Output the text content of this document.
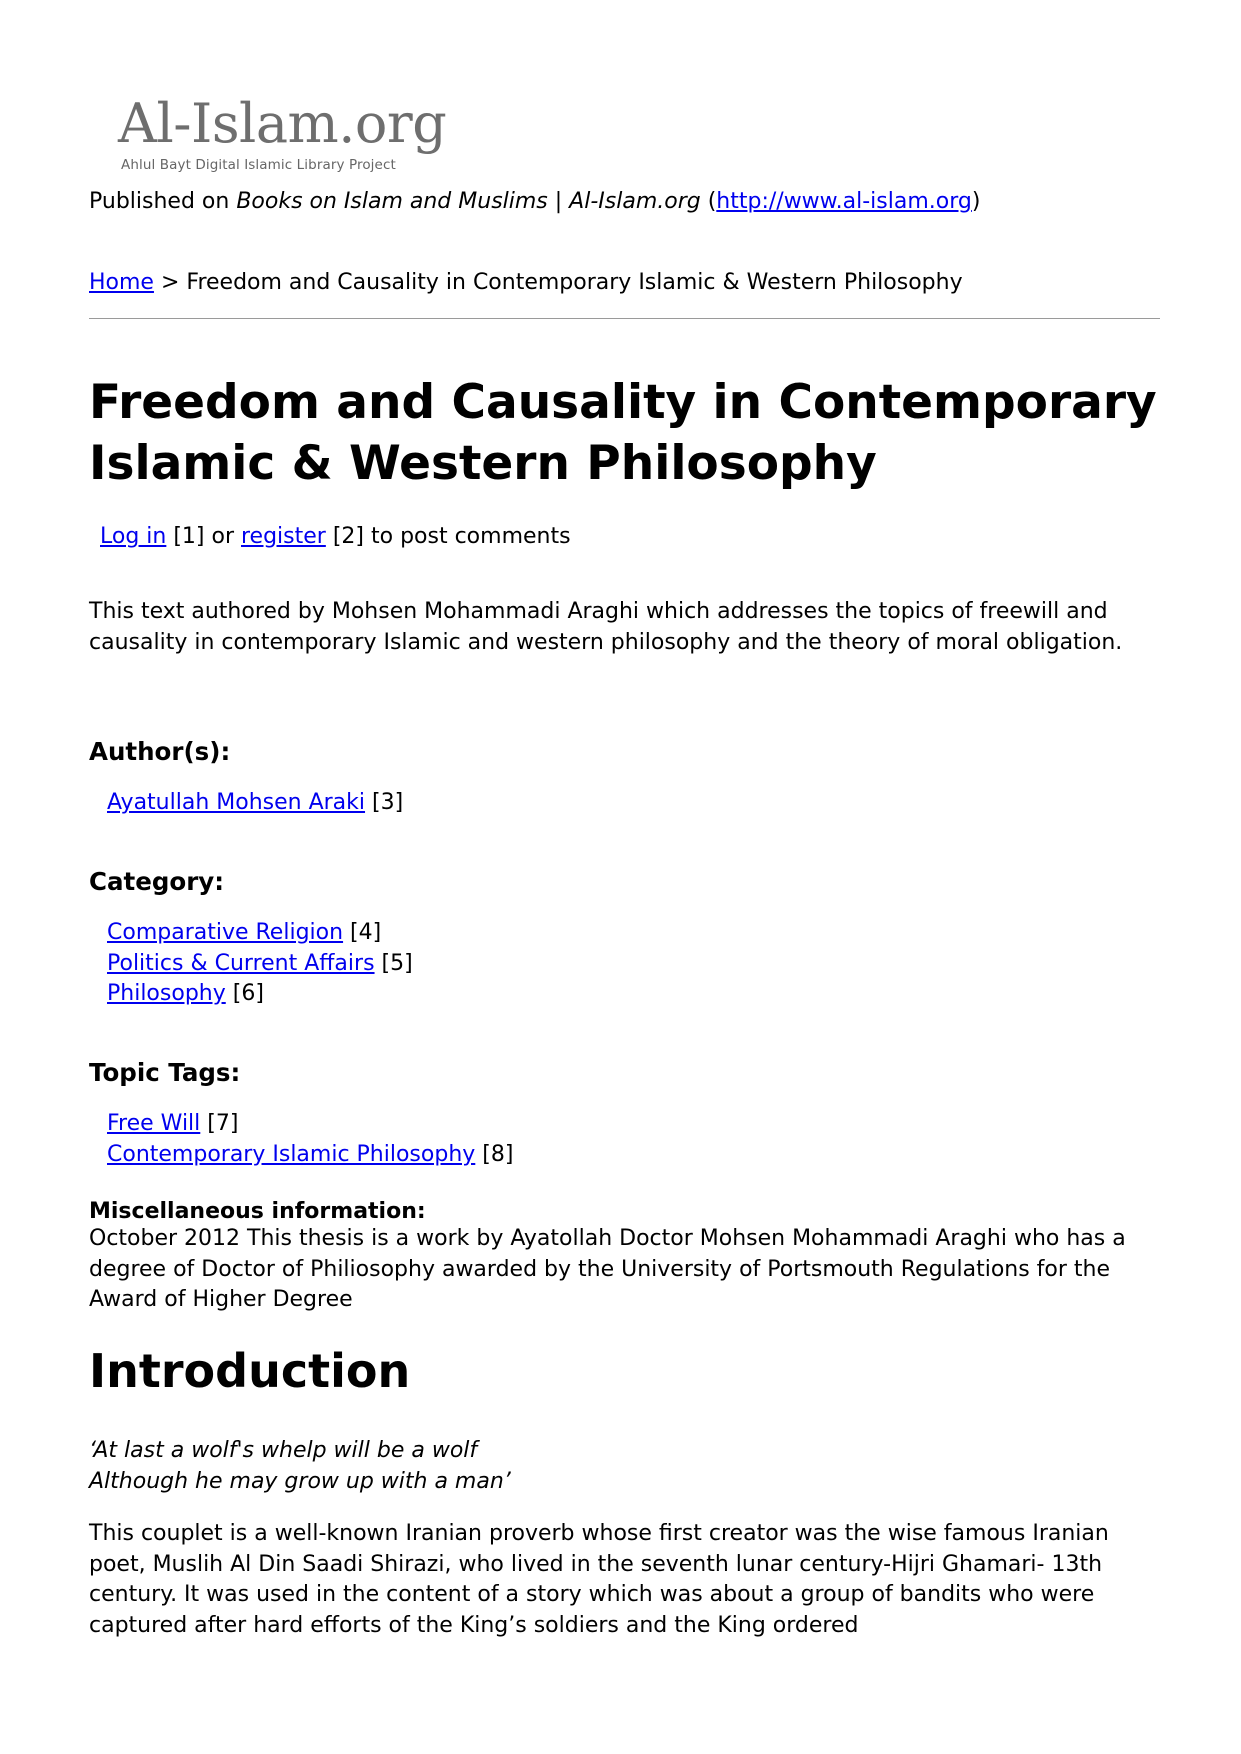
Al-Islam.org
Ahlul Bayt Digital Islamic Library Project
Published on Books on Islam and Muslims | Al-Islam.org (http://www.al-islam.org)
Home > Freedom and Causality in Contemporary Islamic & Western Philosophy
Freedom and Causality in Contemporary Islamic & Western Philosophy
Log in [1] or register [2] to post comments

This text authored by Mohsen Mohammadi Araghi which addresses the topics of freewill and causality in contemporary Islamic and western philosophy and the theory of moral obligation.

Author(s):
Ayatullah Mohsen Araki [3]
Category:
Comparative Religion [4]
Politics & Current Affairs [5]
Philosophy [6]
Topic Tags:
Free Will [7]
Contemporary Islamic Philosophy [8]
Miscellaneous information:

October 2012 This thesis is a work by Ayatollah Doctor Mohsen Mohammadi Araghi who has a degree of Doctor of Philiosophy awarded by the University of Portsmouth Regulations for the Award of Higher Degree

Introduction

‘At last a wolf's whelp will be a wolf
Although he may grow up with a man’

This couplet is a well-known Iranian proverb whose first creator was the wise famous Iranian poet, Muslih Al Din Saadi Shirazi, who lived in the seventh lunar century-Hijri Ghamari- 13th century. It was used in the content of a story which was about a group of bandits who were captured after hard efforts of the King’s soldiers and the King ordered
